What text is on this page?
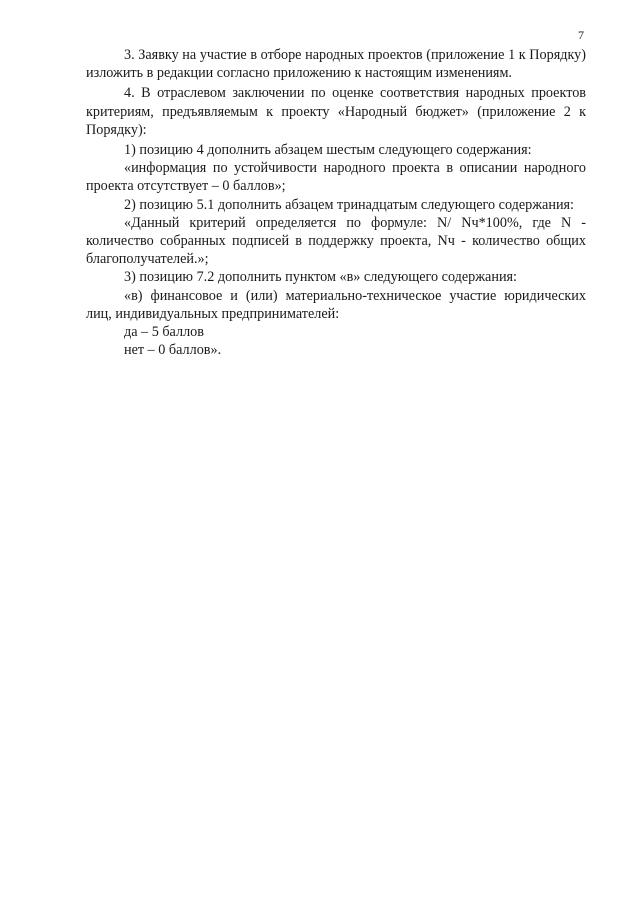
7

3. Заявку на участие в отборе народных проектов (приложение 1 к Порядку) изложить в редакции согласно приложению к настоящим изменениям.

4. В отраслевом заключении по оценке соответствия народных проектов критериям, предъявляемым к проекту «Народный бюджет» (приложение 2 к Порядку):

1) позицию 4 дополнить абзацем шестым следующего содержания:

«информация по устойчивости народного проекта в описании народного проекта отсутствует – 0 баллов»;

2) позицию 5.1 дополнить абзацем тринадцатым следующего содержания:

«Данный критерий определяется по формуле: N/ Nч*100%, где N - количество собранных подписей в поддержку проекта, Nч - количество общих благополучателей.»;

3) позицию 7.2 дополнить пунктом «в» следующего содержания:

«в) финансовое и (или) материально-техническое участие юридических лиц, индивидуальных предпринимателей:

да – 5 баллов

нет – 0 баллов».
